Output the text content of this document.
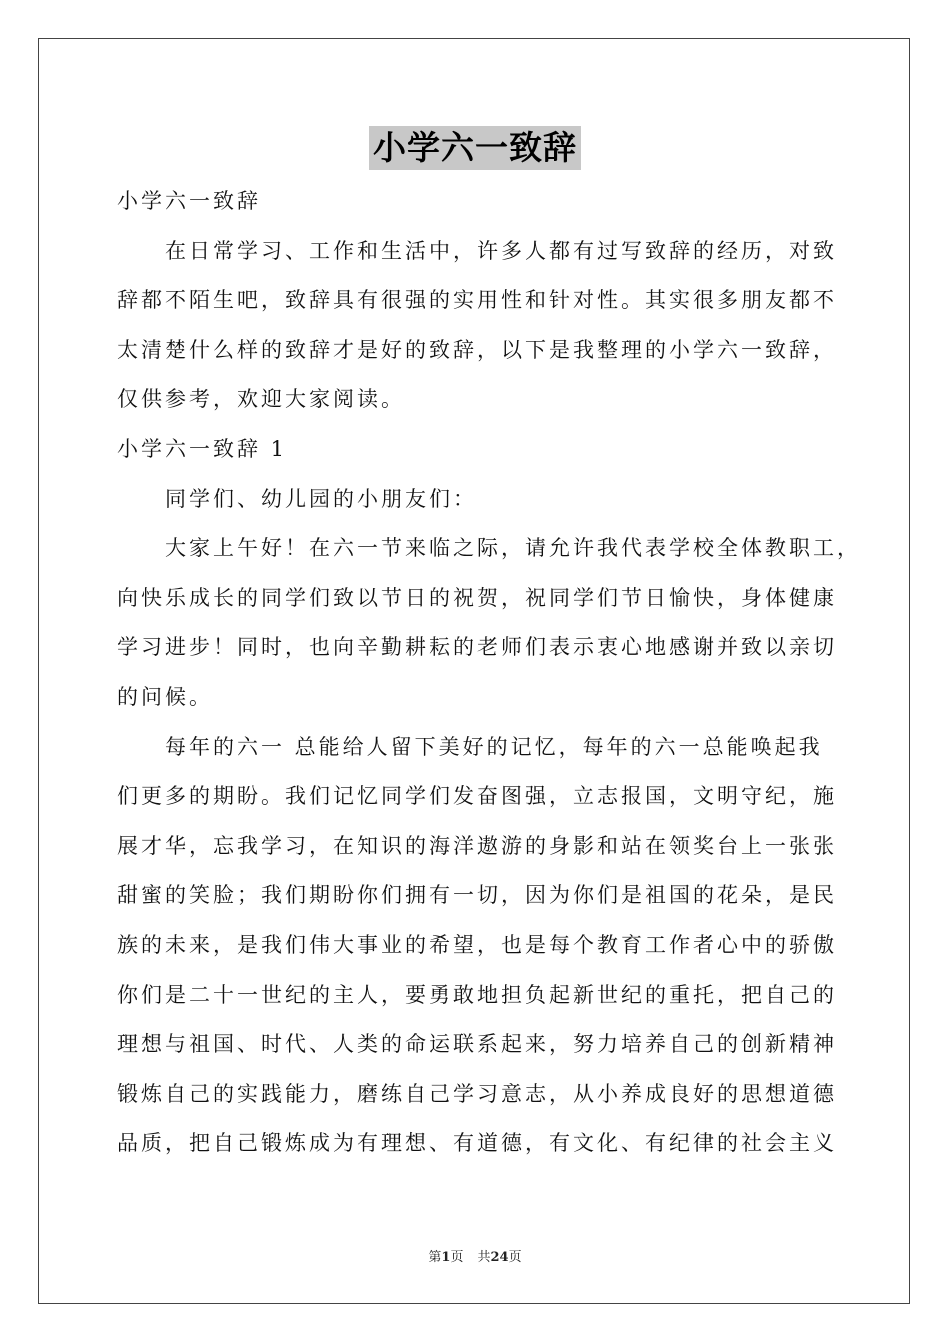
小学六一致辞
小学六一致辞
在日常学习、工作和生活中，许多人都有过写致辞的经历，对致
辞都不陌生吧，致辞具有很强的实用性和针对性。其实很多朋友都不
太清楚什么样的致辞才是好的致辞，以下是我整理的小学六一致辞，
仅供参考，欢迎大家阅读。
小学六一致辞 1
同学们、幼儿园的小朋友们：
大家上午好！在六一节来临之际，请允许我代表学校全体教职工，
向快乐成长的同学们致以节日的祝贺，祝同学们节日愉快，身体健康
学习进步！同时，也向辛勤耕耘的老师们表示衷心地感谢并致以亲切
的问候。
每年的六一 总能给人留下美好的记忆，每年的六一总能唤起我
们更多的期盼。我们记忆同学们发奋图强，立志报国，文明守纪，施
展才华，忘我学习，在知识的海洋遨游的身影和站在领奖台上一张张
甜蜜的笑脸；我们期盼你们拥有一切，因为你们是祖国的花朵，是民
族的未来，是我们伟大事业的希望，也是每个教育工作者心中的骄傲
你们是二十一世纪的主人，要勇敢地担负起新世纪的重托，把自己的
理想与祖国、时代、人类的命运联系起来，努力培养自己的创新精神
锻炼自己的实践能力，磨练自己学习意志，从小养成良好的思想道德
品质，把自己锻炼成为有理想、有道德，有文化、有纪律的社会主义
第1页 共24页
